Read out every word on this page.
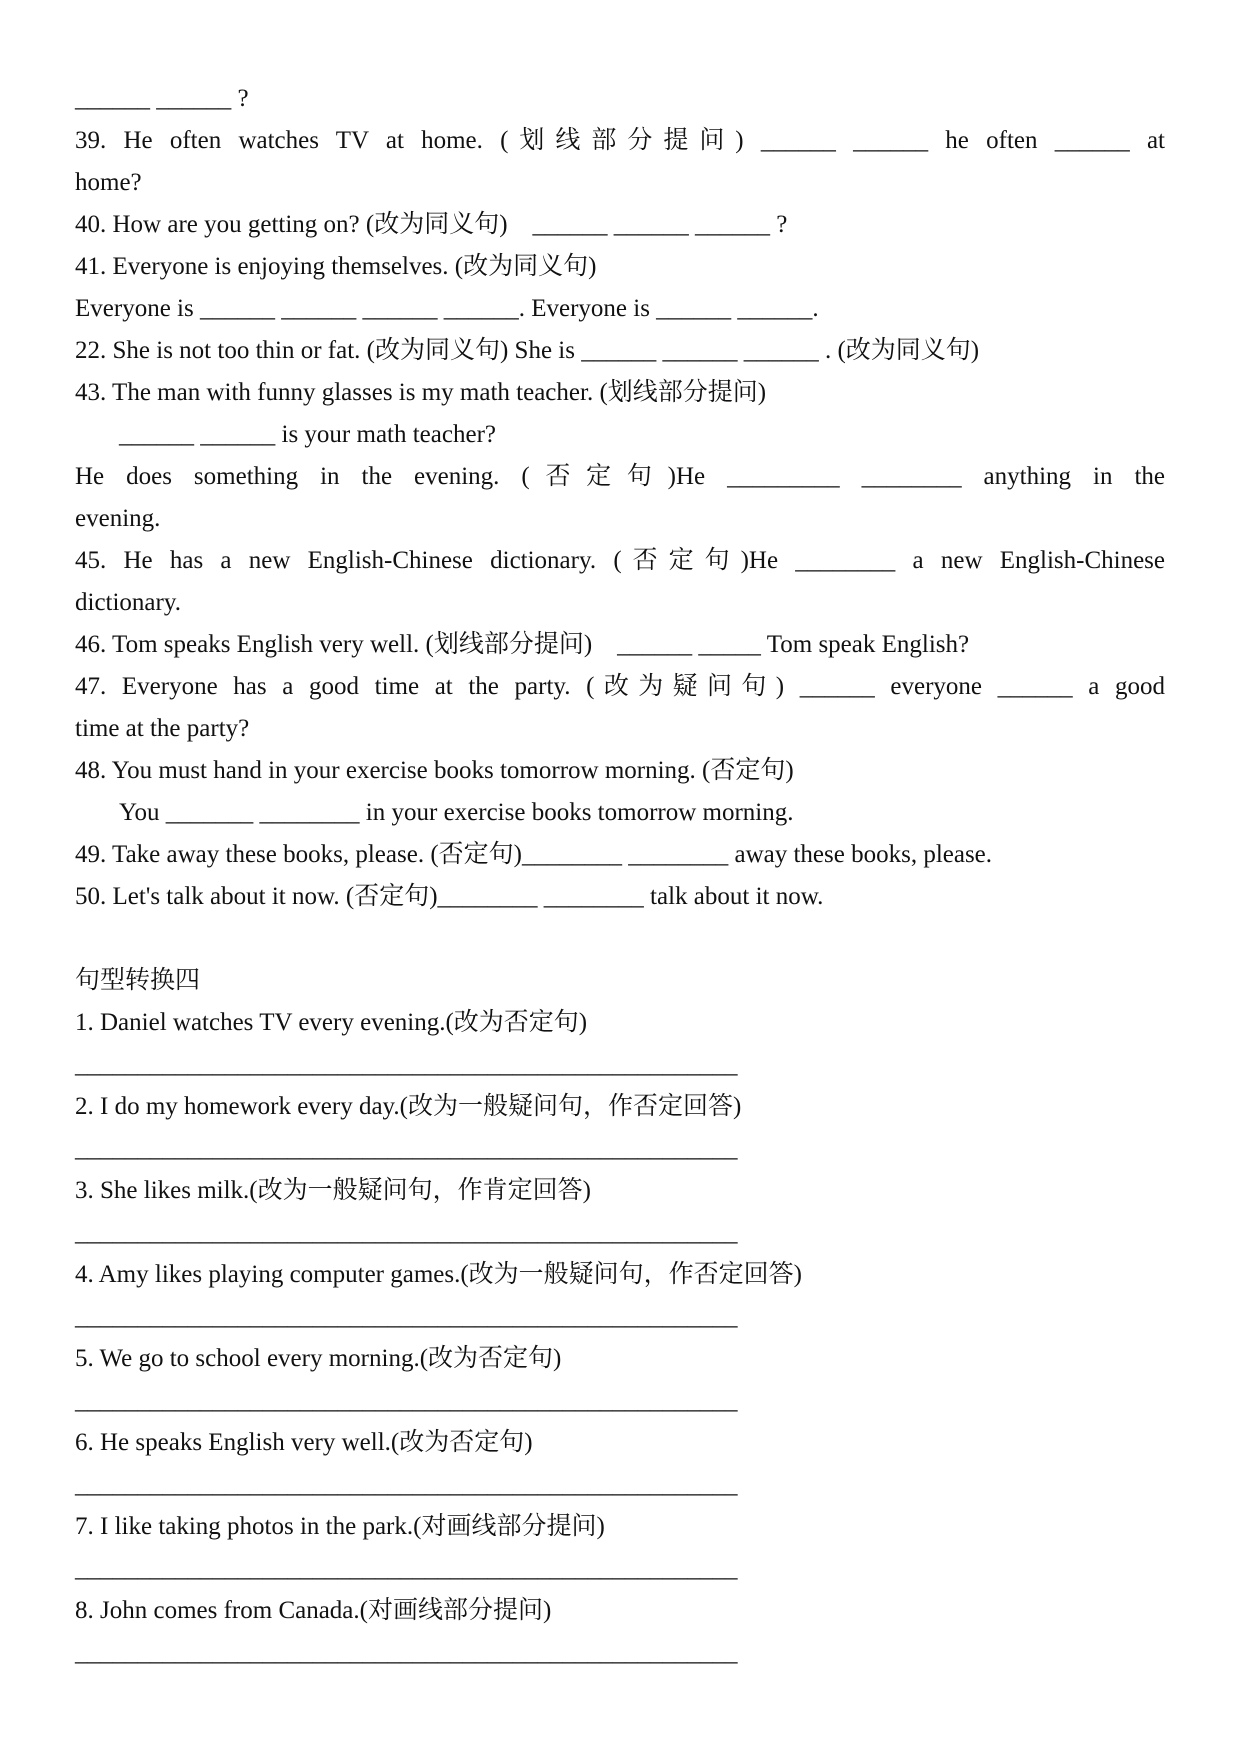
______ ______ ?
39. He often watches TV at home. (划线部分提问) ______ ______ he often ______ at
home?
40. How are you getting on? (改为同义句)    ______ ______ ______ ?
41. Everyone is enjoying themselves. (改为同义句)
Everyone is ______ ______ ______ ______. Everyone is ______ ______.
22. She is not too thin or fat. (改为同义句) She is ______ ______ ______ . (改为同义句)
43. The man with funny glasses is my math teacher. (划线部分提问)
______ ______ is your math teacher?
He does something in the evening. (否定句)He _________ ________ anything in the
evening.
45. He has a new English-Chinese dictionary. (否定句)He ________ a new English-Chinese
dictionary.
46. Tom speaks English very well. (划线部分提问)    ______ _____ Tom speak English?
47. Everyone has a good time at the party. (改为疑问句) ______ everyone ______ a good
time at the party?
48. You must hand in your exercise books tomorrow morning. (否定句)
You _______ ________ in your exercise books tomorrow morning.
49. Take away these books, please. (否定句)________ ________ away these books, please.
50. Let's talk about it now. (否定句)________ ________ talk about it now.
句型转换四
1. Daniel watches TV every evening.(改为否定句)
_____________________________________________________
2. I do my homework every day.(改为一般疑问句，作否定回答)
_____________________________________________________
3. She likes milk.(改为一般疑问句，作肯定回答)
_____________________________________________________
4. Amy likes playing computer games.(改为一般疑问句，作否定回答)
_____________________________________________________
5. We go to school every morning.(改为否定句)
_____________________________________________________
6. He speaks English very well.(改为否定句)
_____________________________________________________
7. I like taking photos in the park.(对画线部分提问)
_____________________________________________________
8. John comes from Canada.(对画线部分提问)
_____________________________________________________
